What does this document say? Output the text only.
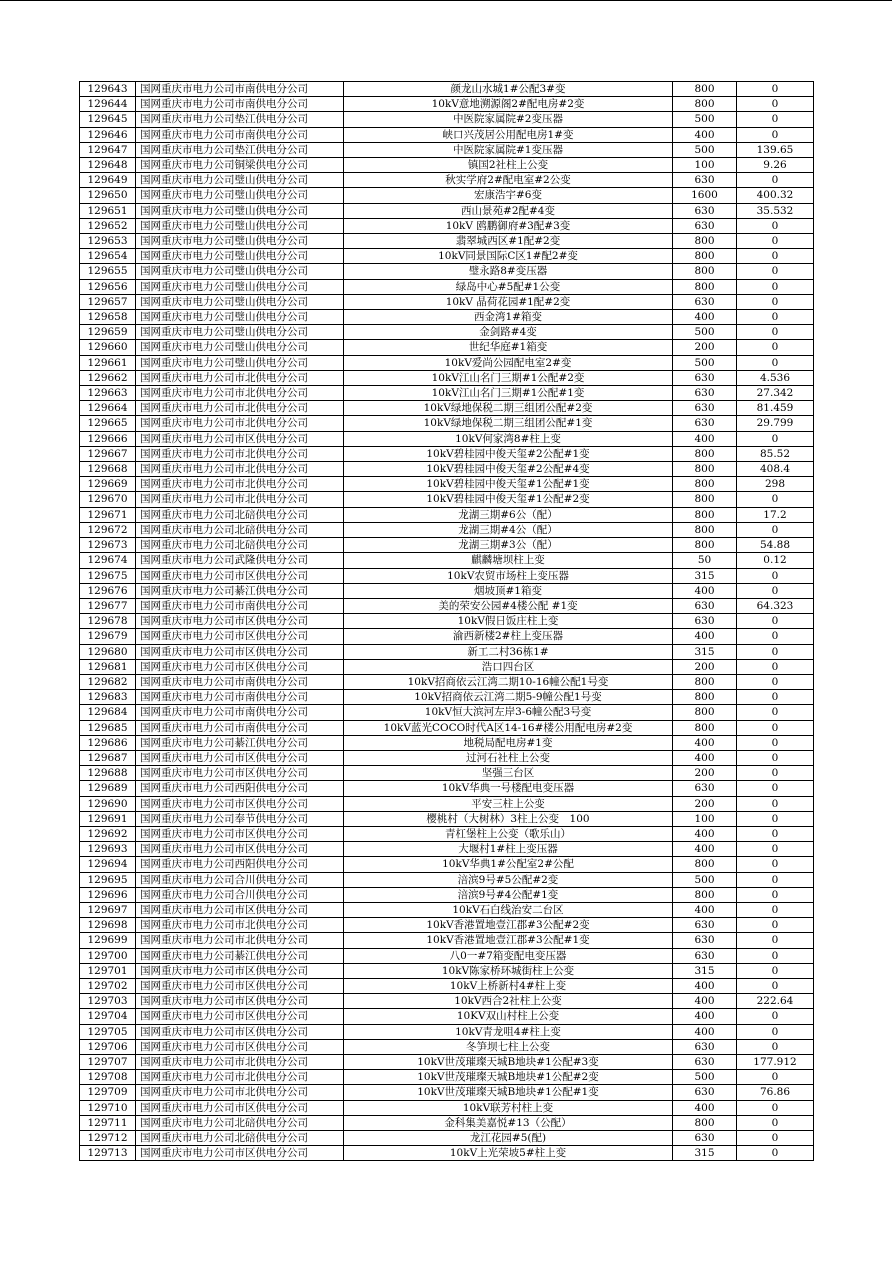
129643	国网重庆市电力公司市南供电分公司	颜龙山水城1#公配3#变	800	0
129644	国网重庆市电力公司市南供电分公司	10kV意地溯源阁2#配电房#2变	800	0
129645	国网重庆市电力公司垫江供电分公司	中医院家属院#2变压器	500	0
129646	国网重庆市电力公司市南供电分公司	峡口兴茂居公用配电房1#变	400	0
129647	国网重庆市电力公司垫江供电分公司	中医院家属院#1变压器	500	139.65
129648	国网重庆市电力公司铜梁供电分公司	镇国2社柱上公变	100	9.26
129649	国网重庆市电力公司璧山供电分公司	秋实学府2#配电室#2公变	630	0
129650	国网重庆市电力公司璧山供电分公司	宏康浩宇#6变	1600	400.32
129651	国网重庆市电力公司璧山供电分公司	西山景苑#2配#4变	630	35.532
129652	国网重庆市电力公司璧山供电分公司	10kV 鸥鹏御府#3配#3变	630	0
129653	国网重庆市电力公司璧山供电分公司	翡翠城西区#1配#2变	800	0
129654	国网重庆市电力公司璧山供电分公司	10kV同景国际C区1#配2#变	800	0
129655	国网重庆市电力公司璧山供电分公司	璧永路8#变压器	800	0
129656	国网重庆市电力公司璧山供电分公司	绿岛中心#5配#1公变	800	0
129657	国网重庆市电力公司璧山供电分公司	10kV 晶荷花园#1配#2变	630	0
129658	国网重庆市电力公司璧山供电分公司	西金湾1#箱变	400	0
129659	国网重庆市电力公司璧山供电分公司	金剑路#4变	500	0
129660	国网重庆市电力公司璧山供电分公司	世纪华庭#1箱变	200	0
129661	国网重庆市电力公司璧山供电分公司	10kV爱尚公园配电室2#变	500	0
129662	国网重庆市电力公司市北供电分公司	10kV江山名门三期#1公配#2变	630	4.536
129663	国网重庆市电力公司市北供电分公司	10kV江山名门三期#1公配#1变	630	27.342
129664	国网重庆市电力公司市北供电分公司	10kV绿地保税二期三组团公配#2变	630	81.459
129665	国网重庆市电力公司市北供电分公司	10kV绿地保税二期三组团公配#1变	630	29.799
129666	国网重庆市电力公司市区供电分公司	10kV何家湾8#柱上变	400	0
129667	国网重庆市电力公司市北供电分公司	10kV碧桂园中俊天玺#2公配#1变	800	85.52
129668	国网重庆市电力公司市北供电分公司	10kV碧桂园中俊天玺#2公配#4变	800	408.4
129669	国网重庆市电力公司市北供电分公司	10kV碧桂园中俊天玺#1公配#1变	800	298
129670	国网重庆市电力公司市北供电分公司	10kV碧桂园中俊天玺#1公配#2变	800	0
129671	国网重庆市电力公司北碚供电分公司	龙湖三期#6公（配）	800	17.2
129672	国网重庆市电力公司北碚供电分公司	龙湖三期#4公（配）	800	0
129673	国网重庆市电力公司北碚供电分公司	龙湖三期#3公（配）	800	54.88
129674	国网重庆市电力公司武隆供电分公司	麒麟塘坝柱上变	50	0.12
129675	国网重庆市电力公司市区供电分公司	10kV农贸市场柱上变压器	315	0
129676	国网重庆市电力公司綦江供电分公司	烟坡顶#1箱变	400	0
129677	国网重庆市电力公司市南供电分公司	美的荣安公园#4楼公配 #1变	630	64.323
129678	国网重庆市电力公司市区供电分公司	10kV假日饭庄柱上变	630	0
129679	国网重庆市电力公司市区供电分公司	渝西新楼2#柱上变压器	400	0
129680	国网重庆市电力公司市区供电分公司	新工二村36栋1#	315	0
129681	国网重庆市电力公司市区供电分公司	浩口四台区	200	0
129682	国网重庆市电力公司市南供电分公司	10kV招商依云江湾二期10-16幢公配1号变	800	0
129683	国网重庆市电力公司市南供电分公司	10kV招商依云江湾二期5-9幢公配1号变	800	0
129684	国网重庆市电力公司市南供电分公司	10kV恒大滨河左岸3-6幢公配3号变	800	0
129685	国网重庆市电力公司市南供电分公司	10kV蓝光COCO时代A区14-16#楼公用配电房#2变	800	0
129686	国网重庆市电力公司綦江供电分公司	地税局配电房#1变	400	0
129687	国网重庆市电力公司市区供电分公司	过河石社柱上公变	400	0
129688	国网重庆市电力公司市区供电分公司	坚强三台区	200	0
129689	国网重庆市电力公司西阳供电分公司	10kV华典一号楼配电变压器	630	0
129690	国网重庆市电力公司市区供电分公司	平安三柱上公变	200	0
129691	国网重庆市电力公司奉节供电分公司	樱桃村（大树林）3柱上公变　100	100	0
129692	国网重庆市电力公司市区供电分公司	青杠堡柱上公变（歌乐山）	400	0
129693	国网重庆市电力公司市区供电分公司	大堰村1#柱上变压器	400	0
129694	国网重庆市电力公司西阳供电分公司	10kV华典1#公配室2#公配	800	0
129695	国网重庆市电力公司合川供电分公司	涪滨9号#5公配#2变	500	0
129696	国网重庆市电力公司合川供电分公司	涪滨9号#4公配#1变	800	0
129697	国网重庆市电力公司市区供电分公司	10kV石白线治安二台区	400	0
129698	国网重庆市电力公司市北供电分公司	10kV香港置地壹江郡#3公配#2变	630	0
129699	国网重庆市电力公司市北供电分公司	10kV香港置地壹江郡#3公配#1变	630	0
129700	国网重庆市电力公司綦江供电分公司	八0一#7箱变配电变压器	630	0
129701	国网重庆市电力公司市区供电分公司	10kV陈家桥环城街柱上公变	315	0
129702	国网重庆市电力公司市区供电分公司	10kV上桥新村4#柱上变	400	0
129703	国网重庆市电力公司市区供电分公司	10kV西合2社柱上公变	400	222.64
129704	国网重庆市电力公司市区供电分公司	10KV双山村柱上公变	400	0
129705	国网重庆市电力公司市区供电分公司	10kV青龙咀4#柱上变	400	0
129706	国网重庆市电力公司市区供电分公司	冬笋坝七柱上公变	630	0
129707	国网重庆市电力公司市北供电分公司	10kV世茂璀璨天城B地块#1公配#3变	630	177.912
129708	国网重庆市电力公司市北供电分公司	10kV世茂璀璨天城B地块#1公配#2变	500	0
129709	国网重庆市电力公司市北供电分公司	10kV世茂璀璨天城B地块#1公配#1变	630	76.86
129710	国网重庆市电力公司市区供电分公司	10kV联芳村柱上变	400	0
129711	国网重庆市电力公司北碚供电分公司	金科集美嘉悦#13（公配）	800	0
129712	国网重庆市电力公司北碚供电分公司	龙江花园#5(配)	630	0
129713	国网重庆市电力公司市区供电分公司	10kV上光荣坡5#柱上变	315	0
